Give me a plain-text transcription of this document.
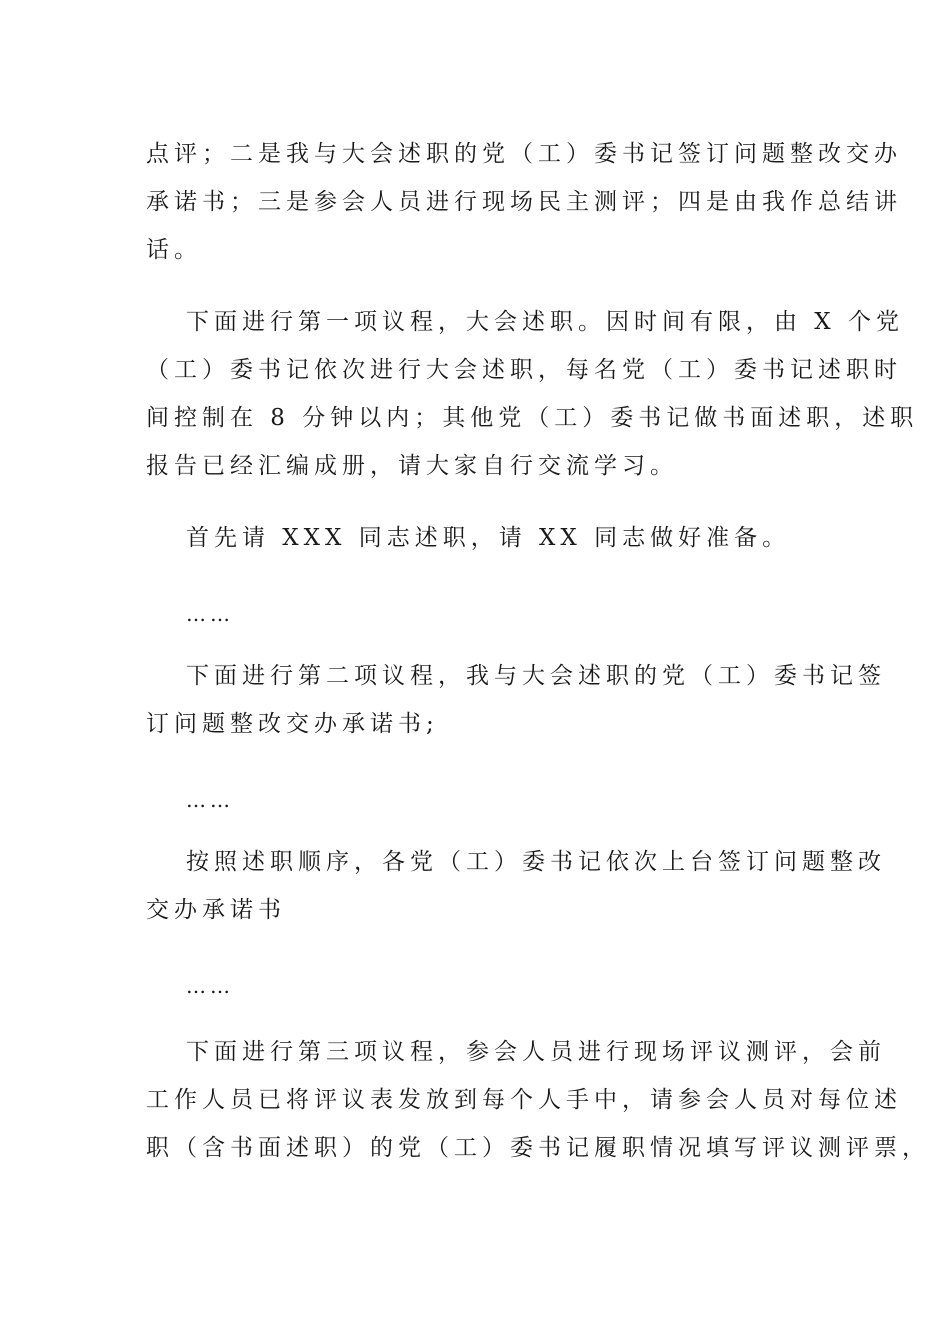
点评；二是我与大会述职的党（工）委书记签订问题整改交办
承诺书；三是参会人员进行现场民主测评；四是由我作总结讲
话。
下面进行第一项议程，大会述职。因时间有限，由 X 个党
（工）委书记依次进行大会述职，每名党（工）委书记述职时
间控制在 8 分钟以内；其他党（工）委书记做书面述职，述职
报告已经汇编成册，请大家自行交流学习。
首先请 XXX 同志述职，请 XX 同志做好准备。
……
下面进行第二项议程，我与大会述职的党（工）委书记签
订问题整改交办承诺书;
……
按照述职顺序，各党（工）委书记依次上台签订问题整改
交办承诺书
……
下面进行第三项议程，参会人员进行现场评议测评，会前
工作人员已将评议表发放到每个人手中，请参会人员对每位述
职（含书面述职）的党（工）委书记履职情况填写评议测评票，
